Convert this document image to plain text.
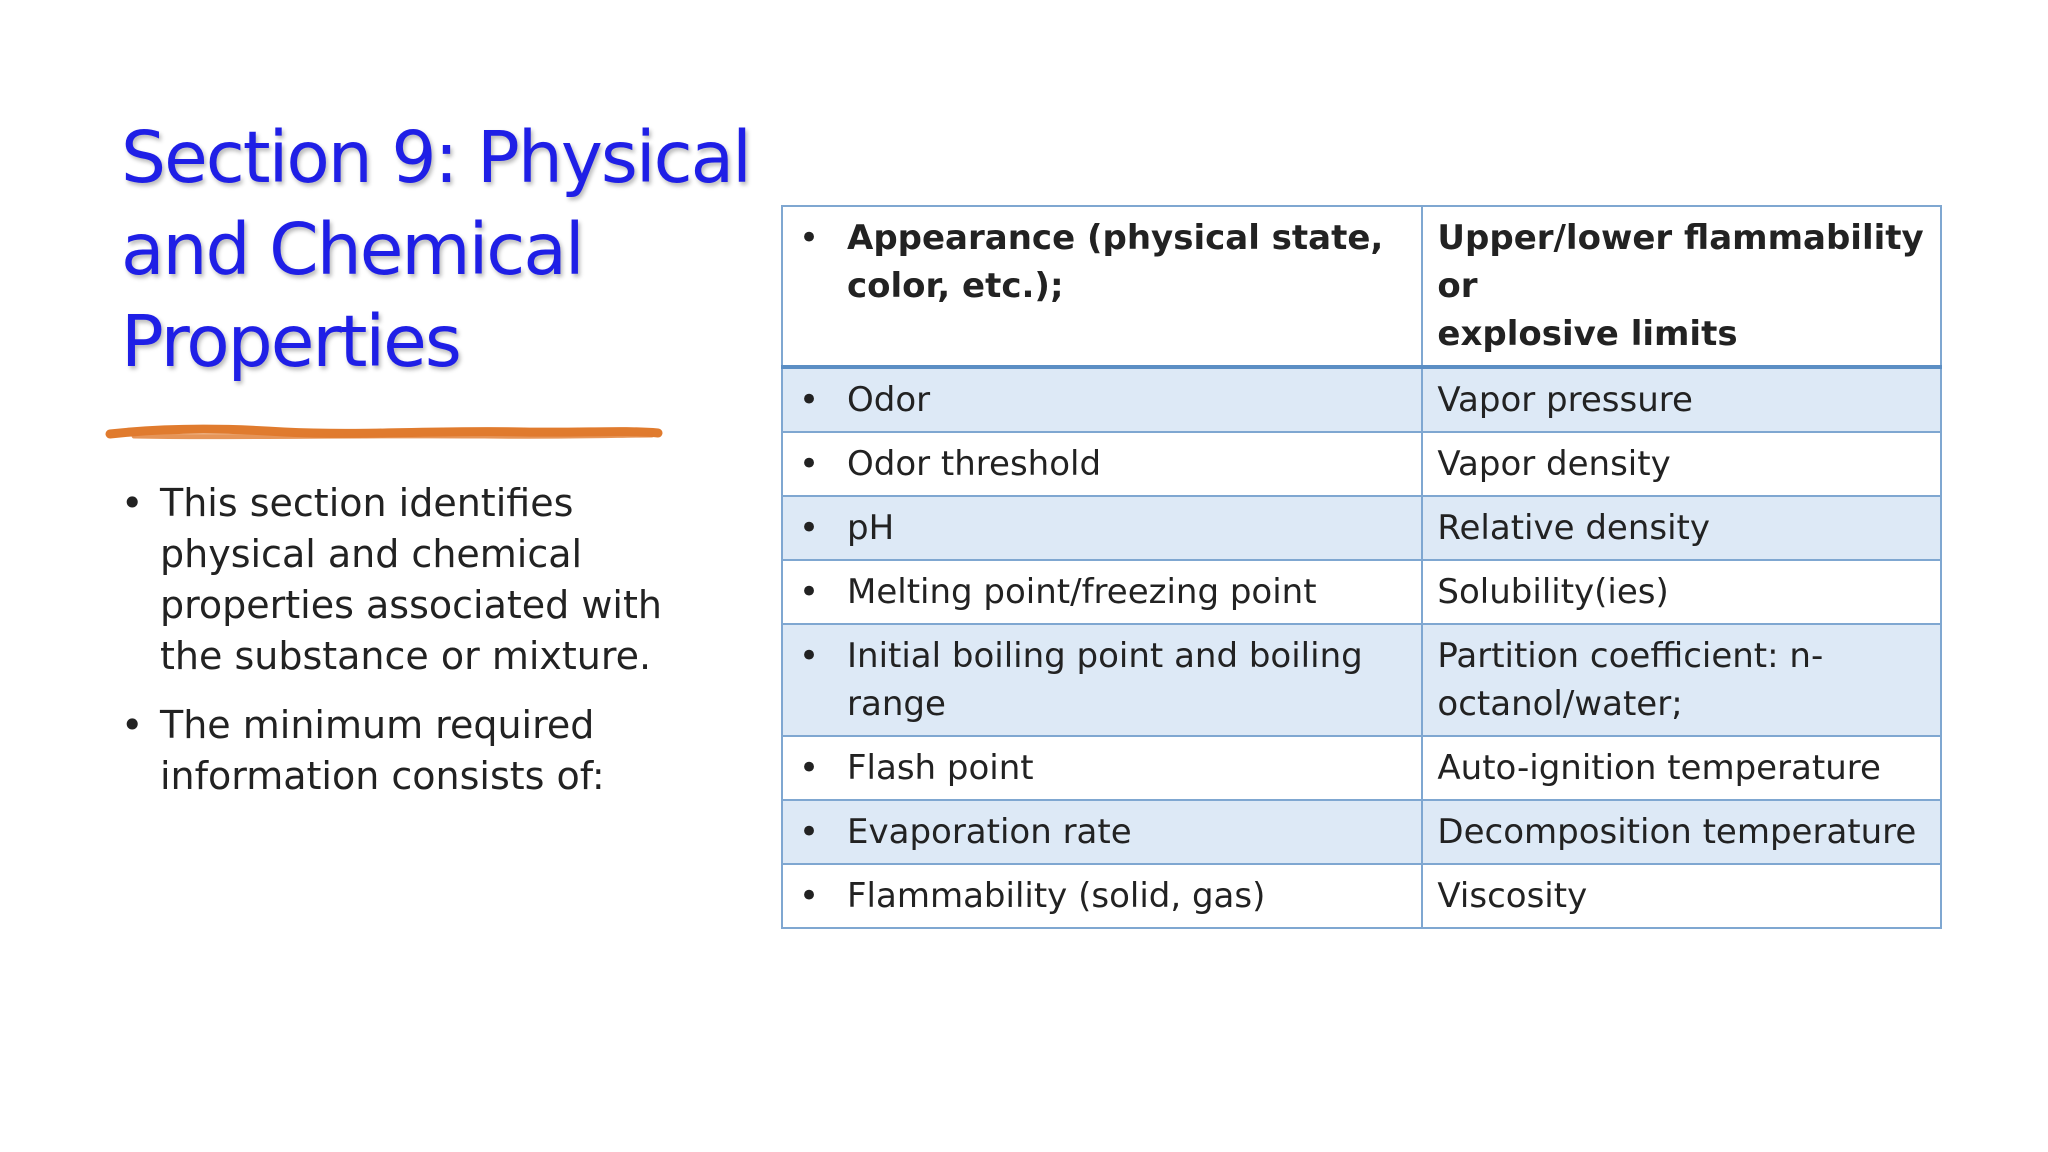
Section 9: Physical
and Chemical
Properties
• This section identifies
physical and chemical
properties associated with
the substance or mixture.
• The minimum required
information consists of:
• Appearance (physical state,
color, etc.);	Upper/lower flammability or
explosive limits

• Odor	Vapor pressure

• Odor threshold	Vapor density

• pH	Relative density

• Melting point/freezing point	Solubility(ies)

• Initial boiling point and boiling
range	Partition coefficient: n-
octanol/water;

• Flash point	Auto-ignition temperature

• Evaporation rate	Decomposition temperature

• Flammability (solid, gas)	Viscosity
